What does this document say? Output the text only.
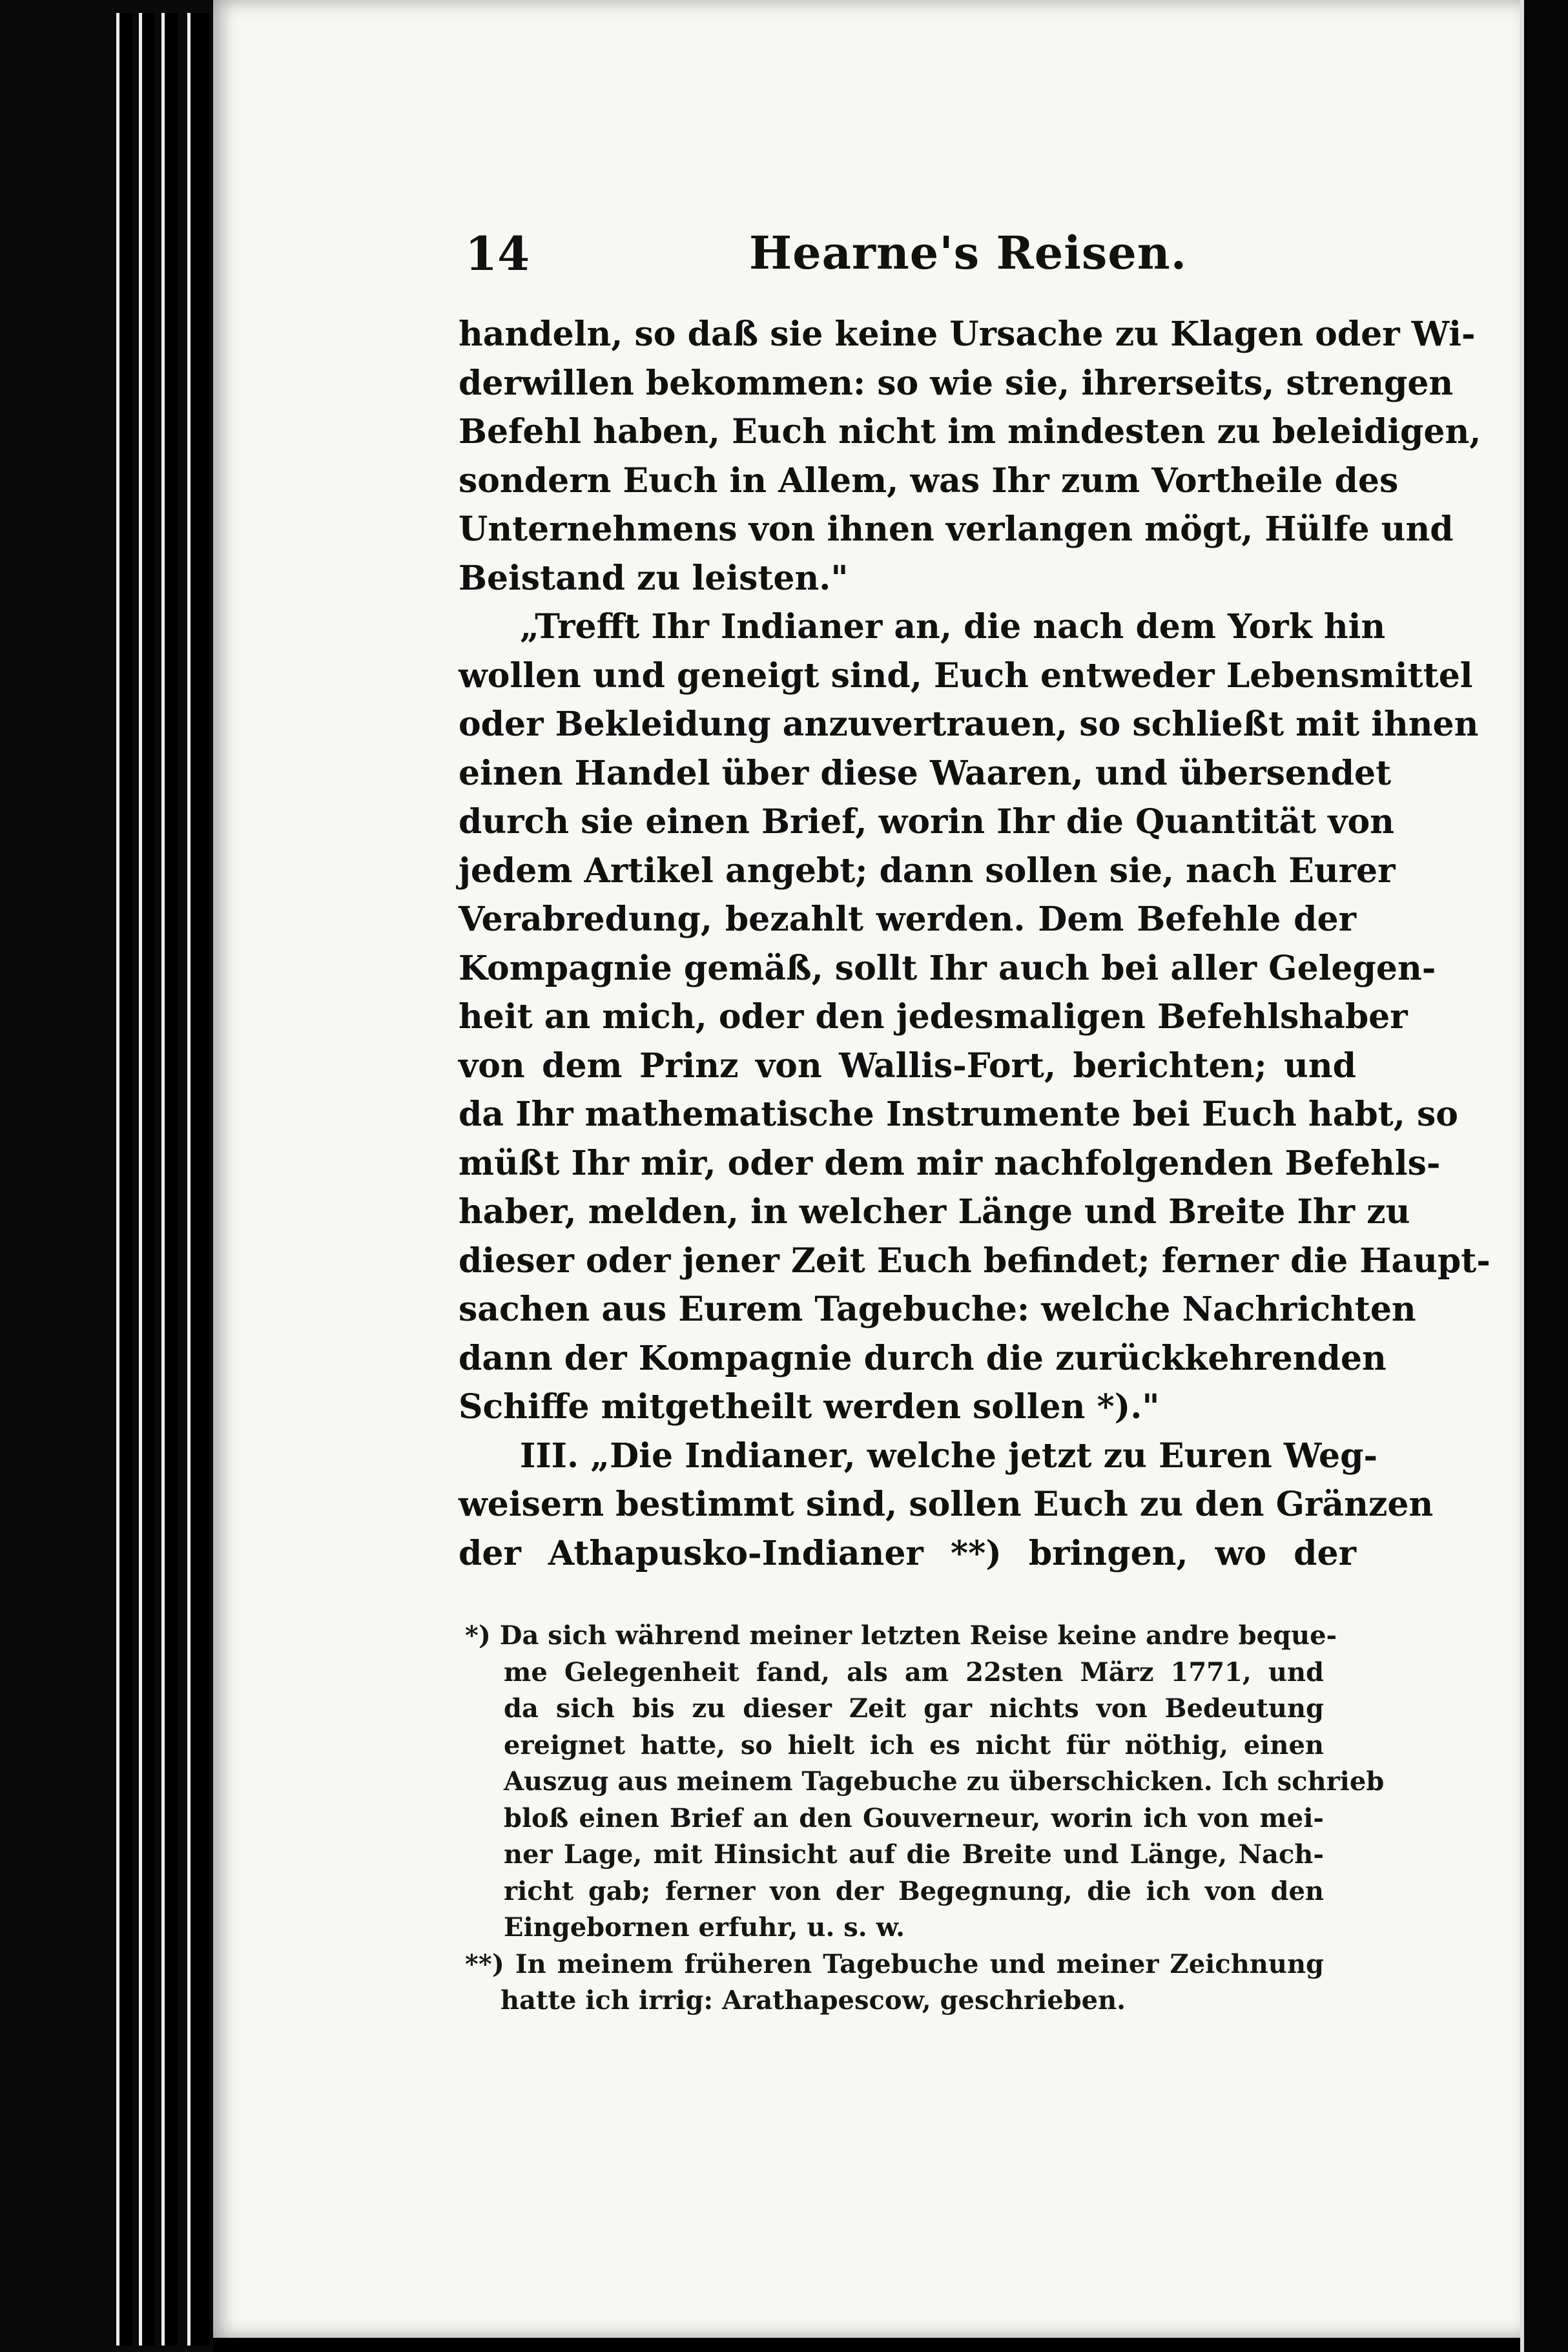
14	Hearne's Reisen.
handeln, so daß sie keine Ursache zu Klagen oder Wi-
derwillen bekommen: so wie sie, ihrerseits, strengen
Befehl haben, Euch nicht im mindesten zu beleidigen,
sondern Euch in Allem, was Ihr zum Vortheile des
Unternehmens von ihnen verlangen mögt, Hülfe und
Beistand zu leisten."
„Trefft Ihr Indianer an, die nach dem York hin
wollen und geneigt sind, Euch entweder Lebensmittel
oder Bekleidung anzuvertrauen, so schließt mit ihnen
einen Handel über diese Waaren, und übersendet
durch sie einen Brief, worin Ihr die Quantität von
jedem Artikel angebt; dann sollen sie, nach Eurer
Verabredung, bezahlt werden. Dem Befehle der
Kompagnie gemäß, sollt Ihr auch bei aller Gelegen-
heit an mich, oder den jedesmaligen Befehlshaber
von dem Prinz von Wallis-Fort, berichten; und
da Ihr mathematische Instrumente bei Euch habt, so
müßt Ihr mir, oder dem mir nachfolgenden Befehls-
haber, melden, in welcher Länge und Breite Ihr zu
dieser oder jener Zeit Euch befindet; ferner die Haupt-
sachen aus Eurem Tagebuche: welche Nachrichten
dann der Kompagnie durch die zurückkehrenden
Schiffe mitgetheilt werden sollen *)."
III. „Die Indianer, welche jetzt zu Euren Weg-
weisern bestimmt sind, sollen Euch zu den Gränzen
der Athapusko-Indianer **) bringen, wo der
*) Da sich während meiner letzten Reise keine andre beque-
me Gelegenheit fand, als am 22sten März 1771, und
da sich bis zu dieser Zeit gar nichts von Bedeutung
ereignet hatte, so hielt ich es nicht für nöthig, einen
Auszug aus meinem Tagebuche zu überschicken. Ich schrieb
bloß einen Brief an den Gouverneur, worin ich von mei-
ner Lage, mit Hinsicht auf die Breite und Länge, Nach-
richt gab; ferner von der Begegnung, die ich von den
Eingebornen erfuhr, u. s. w.
**) In meinem früheren Tagebuche und meiner Zeichnung
hatte ich irrig: Arathapescow, geschrieben.
